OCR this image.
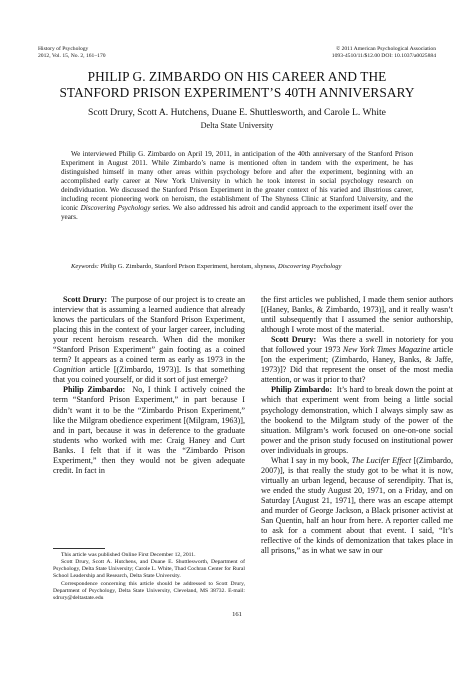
History of Psychology
2012, Vol. 15, No. 2, 161–170
© 2011 American Psychological Association
1093-4510/11/$12.00 DOI: 10.1037/a0025884
PHILIP G. ZIMBARDO ON HIS CAREER AND THE
STANFORD PRISON EXPERIMENT’S 40TH ANNIVERSARY
Scott Drury, Scott A. Hutchens, Duane E. Shuttlesworth, and Carole L. White
Delta State University
We interviewed Philip G. Zimbardo on April 19, 2011, in anticipation of the 40th anniversary of the Stanford Prison Experiment in August 2011. While Zimbardo’s name is mentioned often in tandem with the experiment, he has distinguished himself in many other areas within psychology before and after the experiment, beginning with an accomplished early career at New York University in which he took interest in social psychology research on deindividuation. We discussed the Stanford Prison Experiment in the greater context of his varied and illustrious career, including recent pioneering work on heroism, the establishment of The Shyness Clinic at Stanford University, and the iconic Discovering Psychology series. We also addressed his adroit and candid approach to the experiment itself over the years.
Keywords: Philip G. Zimbardo, Stanford Prison Experiment, heroism, shyness, Discovering Psychology

Scott Drury: The purpose of our project is to create an interview that is assuming a learned audience that already knows the particulars of the Stanford Prison Experiment, placing this in the context of your larger career, including your recent heroism research. When did the moniker “Stanford Prison Experiment” gain footing as a coined term? It appears as a coined term as early as 1973 in the Cognition article [(Zimbardo, 1973)]. Is that something that you coined yourself, or did it sort of just emerge?

Philip Zimbardo: No, I think I actively coined the term “Stanford Prison Experiment,” in part because I didn’t want it to be the “Zimbardo Prison Experiment,” like the Milgram obedience experiment [(Milgram, 1963)], and in part, because it was in deference to the graduate students who worked with me: Craig Haney and Curt Banks. I felt that if it was the “Zimbardo Prison Experiment,” then they would not be given adequate credit. In fact in

This article was published Online First December 12, 2011.

Scott Drury, Scott A. Hutchens, and Duane E. Shuttlesworth, Department of Psychology, Delta State University; Carole L. White, Thad Cochran Center for Rural School Leadership and Research, Delta State University.

Correspondence concerning this article should be addressed to Scott Drury, Department of Psychology, Delta State University, Cleveland, MS 38732. E-mail: sdrury@deltastate.edu

the first articles we published, I made them senior authors [(Haney, Banks, & Zimbardo, 1973)], and it really wasn’t until subsequently that I assumed the senior authorship, although I wrote most of the material.

Scott Drury: Was there a swell in notoriety for you that followed your 1973 New York Times Magazine article [on the experiment; (Zimbardo, Haney, Banks, & Jaffe, 1973)]? Did that represent the onset of the most media attention, or was it prior to that?

Philip Zimbardo: It’s hard to break down the point at which that experiment went from being a little social psychology demonstration, which I always simply saw as the bookend to the Milgram study of the power of the situation. Milgram’s work focused on one-on-one social power and the prison study focused on institutional power over individuals in groups.

What I say in my book, The Lucifer Effect [(Zimbardo, 2007)], is that really the study got to be what it is now, virtually an urban legend, because of serendipity. That is, we ended the study August 20, 1971, on a Friday, and on Saturday [August 21, 1971], there was an escape attempt and murder of George Jackson, a Black prisoner activist at San Quentin, half an hour from here. A reporter called me to ask for a comment about that event. I said, “It’s reflective of the kinds of demonization that takes place in all prisons,” as in what we saw in our

161
